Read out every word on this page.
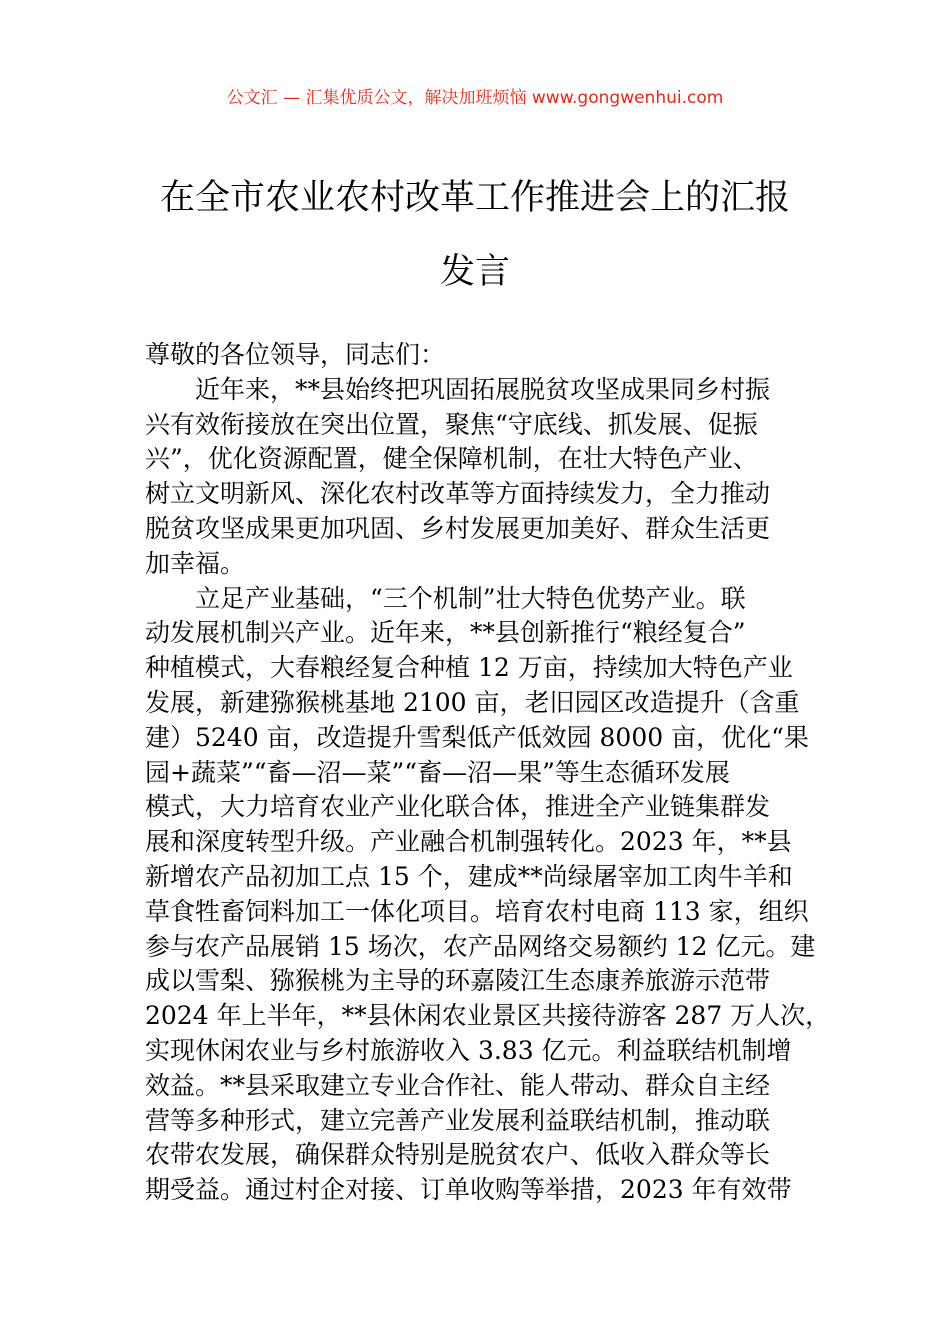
公文汇 — 汇集优质公文，解决加班烦恼 www.gongwenhui.com
在全市农业农村改革工作推进会上的汇报
发言
尊敬的各位领导，同志们：
近年来，**县始终把巩固拓展脱贫攻坚成果同乡村振
兴有效衔接放在突出位置，聚焦“守底线、抓发展、促振
兴”，优化资源配置，健全保障机制，在壮大特色产业、
树立文明新风、深化农村改革等方面持续发力，全力推动
脱贫攻坚成果更加巩固、乡村发展更加美好、群众生活更
加幸福。
立足产业基础，“三个机制”壮大特色优势产业。联
动发展机制兴产业。近年来，**县创新推行“粮经复合”
种植模式，大春粮经复合种植 12 万亩，持续加大特色产业
发展，新建猕猴桃基地 2100 亩，老旧园区改造提升（含重
建）5240 亩，改造提升雪梨低产低效园 8000 亩，优化“果
园+蔬菜”“畜—沼—菜”“畜—沼—果”等生态循环发展
模式，大力培育农业产业化联合体，推进全产业链集群发
展和深度转型升级。产业融合机制强转化。2023 年，**县
新增农产品初加工点 15 个，建成**尚绿屠宰加工肉牛羊和
草食牲畜饲料加工一体化项目。培育农村电商 113 家，组织
参与农产品展销 15 场次，农产品网络交易额约 12 亿元。建
成以雪梨、猕猴桃为主导的环嘉陵江生态康养旅游示范带
2024 年上半年，**县休闲农业景区共接待游客 287 万人次，
实现休闲农业与乡村旅游收入 3.83 亿元。利益联结机制增
效益。**县采取建立专业合作社、能人带动、群众自主经
营等多种形式，建立完善产业发展利益联结机制，推动联
农带农发展，确保群众特别是脱贫农户、低收入群众等长
期受益。通过村企对接、订单收购等举措，2023 年有效带
